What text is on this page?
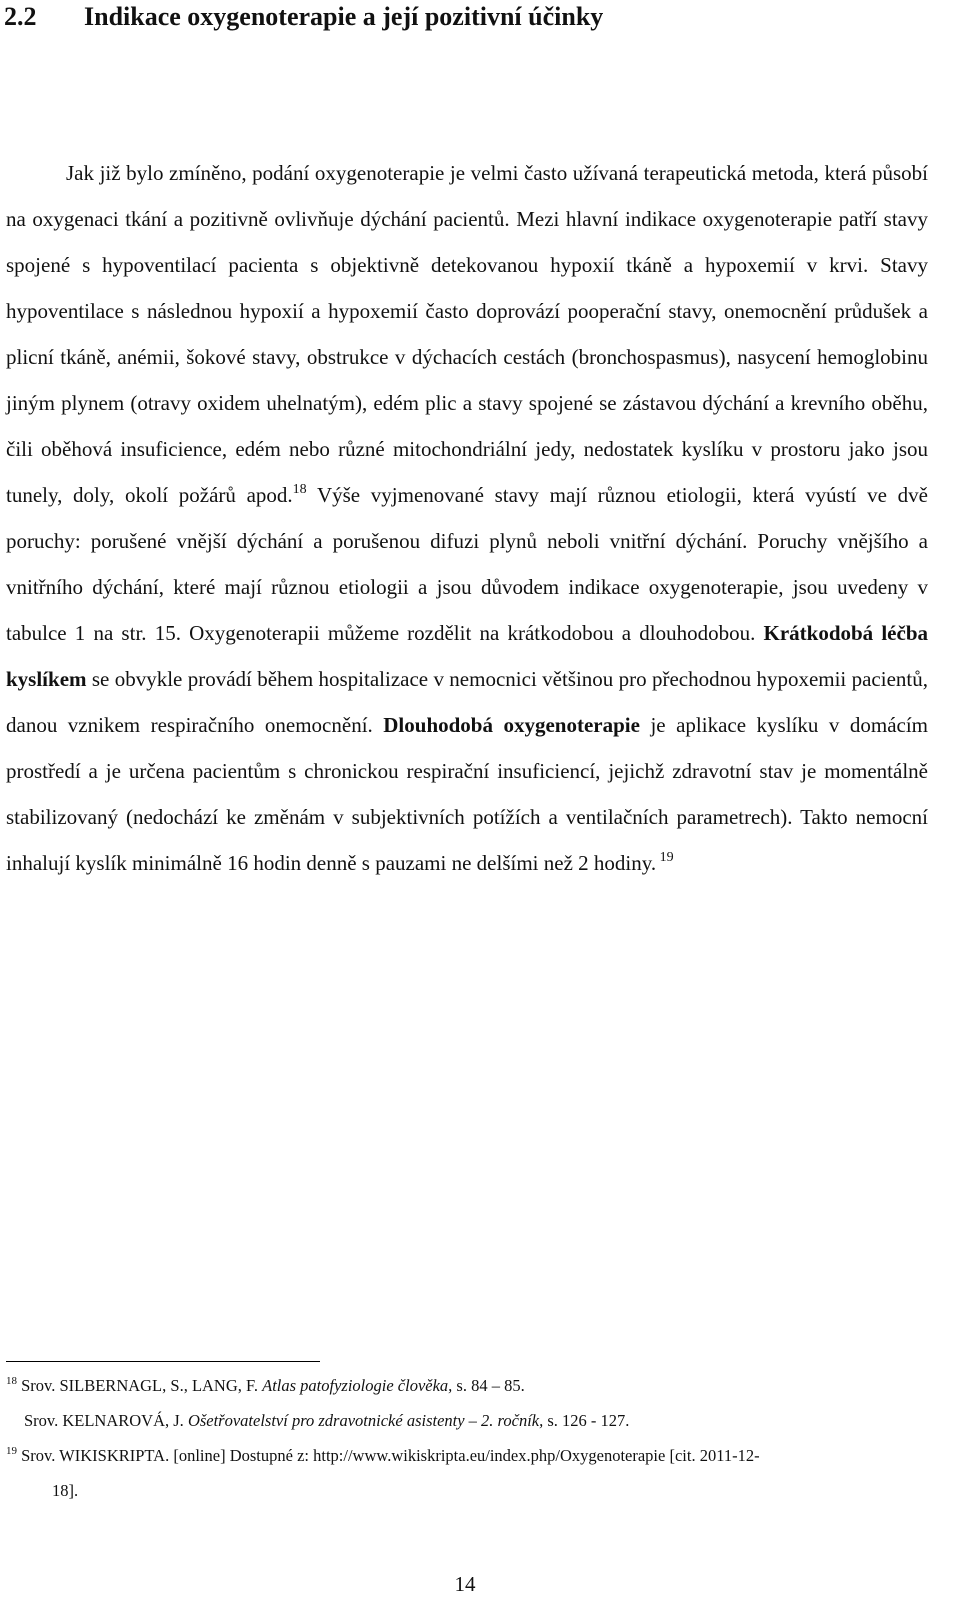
2.2 Indikace oxygenoterapie a její pozitivní účinky

Jak již bylo zmíněno, podání oxygenoterapie je velmi často užívaná terapeutická metoda, která působí na oxygenaci tkání a pozitivně ovlivňuje dýchání pacientů. Mezi hlavní indikace oxygenoterapie patří stavy spojené s hypoventilací pacienta s objektivně detekovanou hypoxií tkáně a hypoxemií v krvi. Stavy hypoventilace s následnou hypoxií a hypoxemií často doprovází pooperační stavy, onemocnění průdušek a plicní tkáně, anémii, šokové stavy, obstrukce v dýchacích cestách (bronchospasmus), nasycení hemoglobinu jiným plynem (otravy oxidem uhelnatým), edém plic a stavy spojené se zástavou dýchání a krevního oběhu, čili oběhová insuficience, edém nebo různé mitochondriální jedy, nedostatek kyslíku v prostoru jako jsou tunely, doly, okolí požárů apod.$^{18}$ Výše vyjmenované stavy mají různou etiologii, která vyústí ve dvě poruchy: porušené vnější dýchání a porušenou difuzi plynů neboli vnitřní dýchání. Poruchy vnějšího a vnitřního dýchání, které mají různou etiologii a jsou důvodem indikace oxygenoterapie, jsou uvedeny v tabulce 1 na str. 15. Oxygenoterapii můžeme rozdělit na krátkodobou a dlouhodobou. Krátkodobá léčba kyslíkem se obvykle provádí během hospitalizace v nemocnici většinou pro přechodnou hypoxemii pacientů, danou vznikem respiračního onemocnění. Dlouhodobá oxygenoterapie je aplikace kyslíku v domácím prostředí a je určena pacientům s chronickou respirační insuficiencí, jejichž zdravotní stav je momentálně stabilizovaný (nedochází ke změnám v subjektivních potížích a ventilačních parametrech). Takto nemocní inhalují kyslík minimálně 16 hodin denně s pauzami ne delšími než 2 hodiny. $^{19}$

$^{18}$ Srov. SILBERNAGL, S., LANG, F. Atlas patofyziologie člověka, s. 84 – 85.

Srov. KELNAROVÁ, J. Ošetřovatelství pro zdravotnické asistenty – 2. ročník, s. 126 - 127.

$^{19}$ Srov. WIKISKRIPTA. [online] Dostupné z: http://www.wikiskripta.eu/index.php/Oxygenoterapie [cit. 2011-12-
18].

14
